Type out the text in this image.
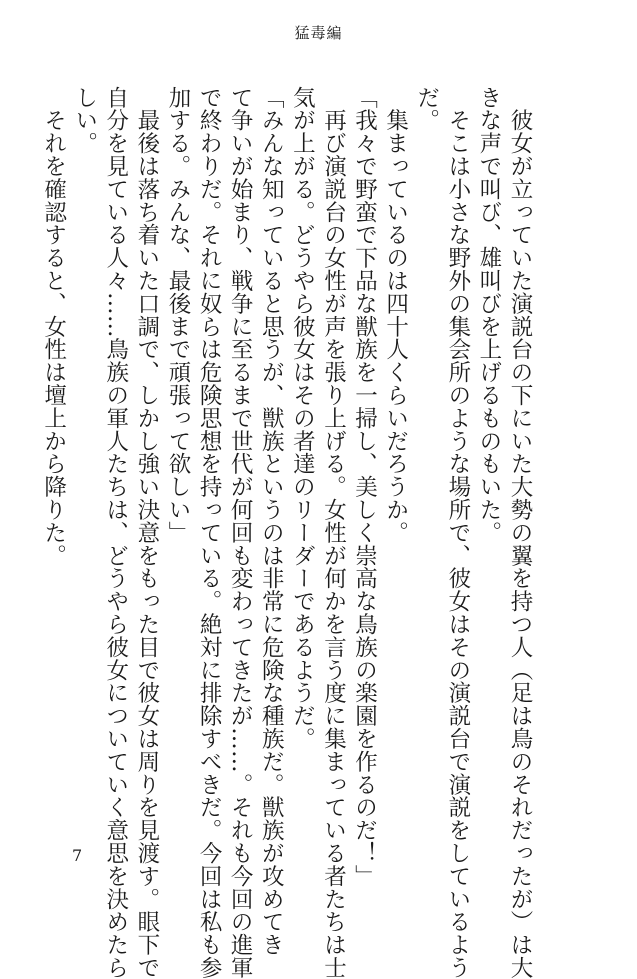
猛毒編

　彼女が立っていた演説台の下にいた大勢の翼を持つ人（足は鳥のそれだったが）は大
きな声で叫び、雄叫びを上げるものもいた。

　そこは小さな野外の集会所のような場所で、彼女はその演説台で演説をしているよう
だ。

　集まっているのは四十人くらいだろうか。

「我々で野蛮で下品な獣族を一掃し、美しく崇高な鳥族の楽園を作るのだ！」

　再び演説台の女性が声を張り上げる。女性が何かを言う度に集まっている者たちは士
気が上がる。どうやら彼女はその者達のリーダーであるようだ。

「みんな知っていると思うが、獣族というのは非常に危険な種族だ。獣族が攻めてき
て争いが始まり、戦争に至るまで世代が何回も変わってきたが……。それも今回の進軍
で終わりだ。それに奴らは危険思想を持っている。絶対に排除すべきだ。今回は私も参
加する。みんな、最後まで頑張って欲しい」

　最後は落ち着いた口調で、しかし強い決意をもった目で彼女は周りを見渡す。眼下で
自分を見ている人々……鳥族の軍人たちは、どうやら彼女についていく意思を決めたら
しい。

　それを確認すると、女性は壇上から降りた。

7
